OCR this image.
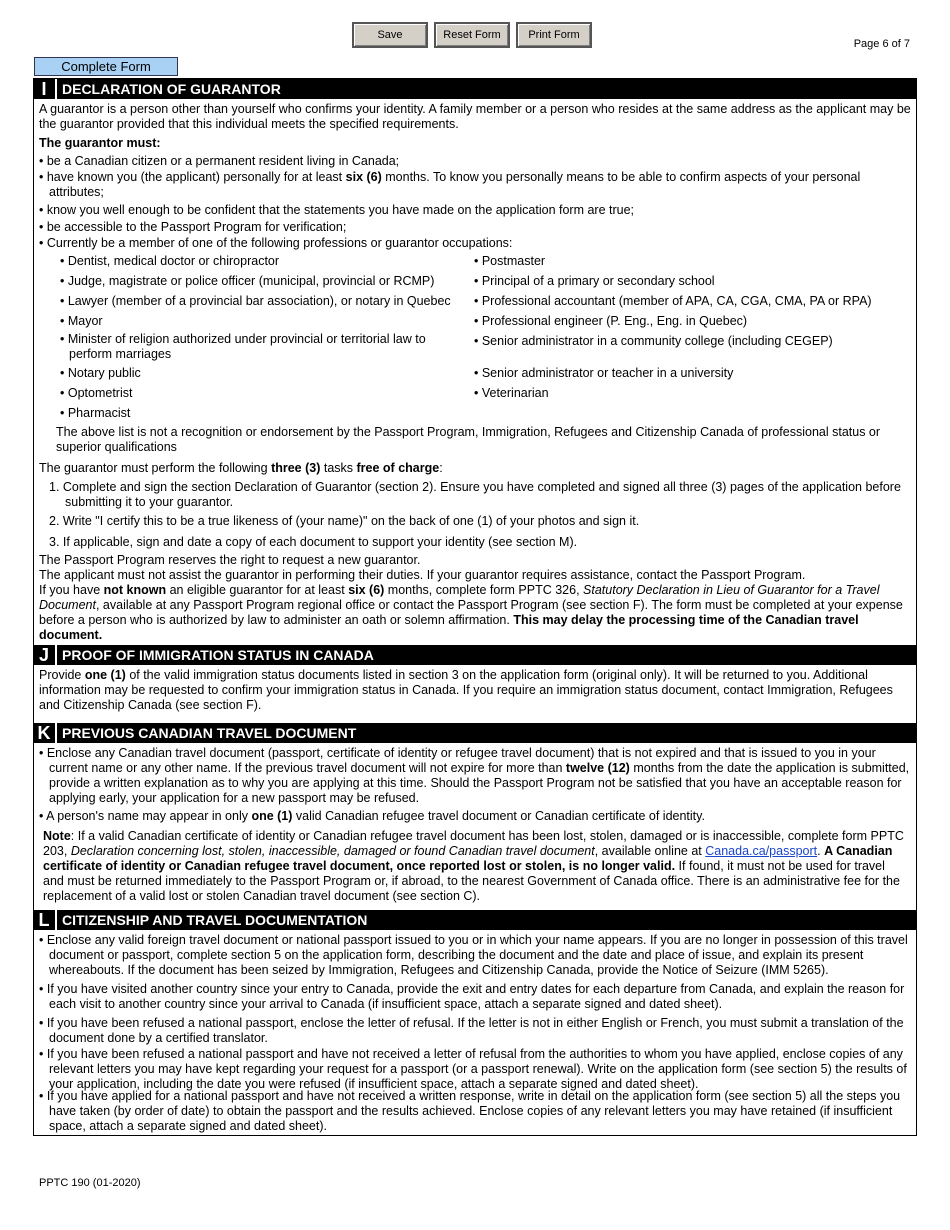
Save	Reset Form	Print Form
Page 6 of 7
Complete Form
I	DECLARATION OF GUARANTOR
A guarantor is a person other than yourself who confirms your identity. A family member or a person who resides at the same address as the applicant may be the guarantor provided that this individual meets the specified requirements.
The guarantor must:
• be a Canadian citizen or a permanent resident living in Canada;
• have known you (the applicant) personally for at least six (6) months. To know you personally means to be able to confirm aspects of your personal attributes;
• know you well enough to be confident that the statements you have made on the application form are true;
• be accessible to the Passport Program for verification;
• Currently be a member of one of the following professions or guarantor occupations:
• Dentist, medical doctor or chiropractor
• Judge, magistrate or police officer (municipal, provincial or RCMP)
• Lawyer (member of a provincial bar association), or notary in Quebec
• Mayor
• Minister of religion authorized under provincial or territorial law to perform marriages
• Notary public
• Optometrist
• Pharmacist
• Postmaster
• Principal of a primary or secondary school
• Professional accountant (member of APA, CA, CGA, CMA, PA or RPA)
• Professional engineer (P. Eng., Eng. in Quebec)
• Senior administrator in a community college (including CEGEP)
• Senior administrator or teacher in a university
• Veterinarian
The above list is not a recognition or endorsement by the Passport Program, Immigration, Refugees and Citizenship Canada of professional status or superior qualifications
The guarantor must perform the following three (3) tasks free of charge:
1. Complete and sign the section Declaration of Guarantor (section 2). Ensure you have completed and signed all three (3) pages of the application before submitting it to your guarantor.
2. Write "I certify this to be a true likeness of (your name)" on the back of one (1) of your photos and sign it.
3. If applicable, sign and date a copy of each document to support your identity (see section M).
The Passport Program reserves the right to request a new guarantor.
The applicant must not assist the guarantor in performing their duties. If your guarantor requires assistance, contact the Passport Program.
If you have not known an eligible guarantor for at least six (6) months, complete form PPTC 326, Statutory Declaration in Lieu of Guarantor for a Travel Document, available at any Passport Program regional office or contact the Passport Program (see section F). The form must be completed at your expense before a person who is authorized by law to administer an oath or solemn affirmation. This may delay the processing time of the Canadian travel document.
J PROOF OF IMMIGRATION STATUS IN CANADA
Provide one (1) of the valid immigration status documents listed in section 3 on the application form (original only). It will be returned to you. Additional information may be requested to confirm your immigration status in Canada. If you require an immigration status document, contact Immigration, Refugees and Citizenship Canada (see section F).
K PREVIOUS CANADIAN TRAVEL DOCUMENT
• Enclose any Canadian travel document (passport, certificate of identity or refugee travel document) that is not expired and that is issued to you in your current name or any other name. If the previous travel document will not expire for more than twelve (12) months from the date the application is submitted, provide a written explanation as to why you are applying at this time. Should the Passport Program not be satisfied that you have an acceptable reason for applying early, your application for a new passport may be refused.
• A person's name may appear in only one (1) valid Canadian refugee travel document or Canadian certificate of identity.
Note: If a valid Canadian certificate of identity or Canadian refugee travel document has been lost, stolen, damaged or is inaccessible, complete form PPTC 203, Declaration concerning lost, stolen, inaccessible, damaged or found Canadian travel document, available online at Canada.ca/passport. A Canadian certificate of identity or Canadian refugee travel document, once reported lost or stolen, is no longer valid. If found, it must not be used for travel and must be returned immediately to the Passport Program or, if abroad, to the nearest Government of Canada office. There is an administrative fee for the replacement of a valid lost or stolen Canadian travel document (see section C).
L CITIZENSHIP AND TRAVEL DOCUMENTATION
• Enclose any valid foreign travel document or national passport issued to you or in which your name appears. If you are no longer in possession of this travel document or passport, complete section 5 on the application form, describing the document and the date and place of issue, and explain its present whereabouts. If the document has been seized by Immigration, Refugees and Citizenship Canada, provide the Notice of Seizure (IMM 5265).
• If you have visited another country since your entry to Canada, provide the exit and entry dates for each departure from Canada, and explain the reason for each visit to another country since your arrival to Canada (if insufficient space, attach a separate signed and dated sheet).
• If you have been refused a national passport, enclose the letter of refusal. If the letter is not in either English or French, you must submit a translation of the document done by a certified translator.
• If you have been refused a national passport and have not received a letter of refusal from the authorities to whom you have applied, enclose copies of any relevant letters you may have kept regarding your request for a passport (or a passport renewal). Write on the application form (see section 5) the results of your application, including the date you were refused (if insufficient space, attach a separate signed and dated sheet).
• If you have applied for a national passport and have not received a written response, write in detail on the application form (see section 5) all the steps you have taken (by order of date) to obtain the passport and the results achieved. Enclose copies of any relevant letters you may have retained (if insufficient space, attach a separate signed and dated sheet).
PPTC 190 (01-2020)
